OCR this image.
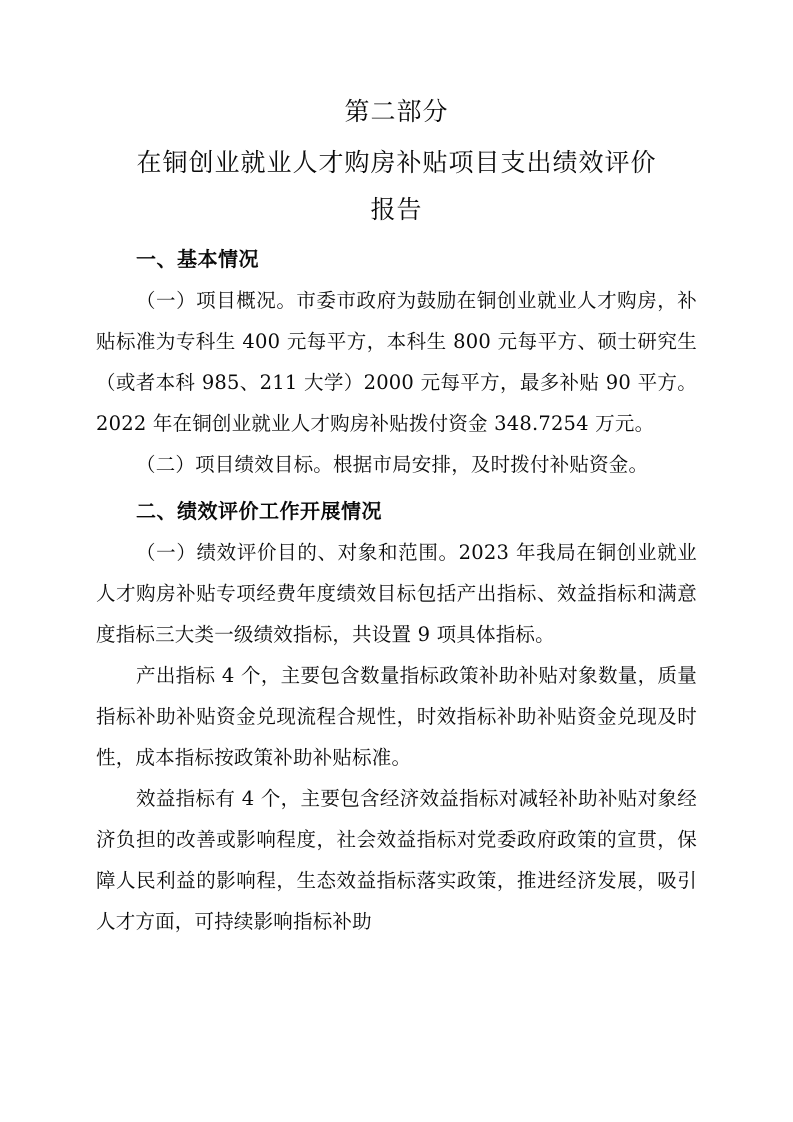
第二部分
在铜创业就业人才购房补贴项目支出绩效评价
报告
一、基本情况

（一）项目概况。市委市政府为鼓励在铜创业就业人才购房，补贴标准为专科生 400 元每平方，本科生 800 元每平方、硕士研究生（或者本科 985、211 大学）2000 元每平方，最多补贴 90 平方。2022 年在铜创业就业人才购房补贴拨付资金 348.7254 万元。

（二）项目绩效目标。根据市局安排，及时拨付补贴资金。

二、绩效评价工作开展情况

（一）绩效评价目的、对象和范围。2023 年我局在铜创业就业人才购房补贴专项经费年度绩效目标包括产出指标、效益指标和满意度指标三大类一级绩效指标，共设置 9 项具体指标。

产出指标 4 个，主要包含数量指标政策补助补贴对象数量，质量指标补助补贴资金兑现流程合规性，时效指标补助补贴资金兑现及时性，成本指标按政策补助补贴标准。

效益指标有 4 个，主要包含经济效益指标对减轻补助补贴对象经济负担的改善或影响程度，社会效益指标对党委政府政策的宣贯，保障人民利益的影响程，生态效益指标落实政策，推进经济发展，吸引人才方面，可持续影响指标补助
